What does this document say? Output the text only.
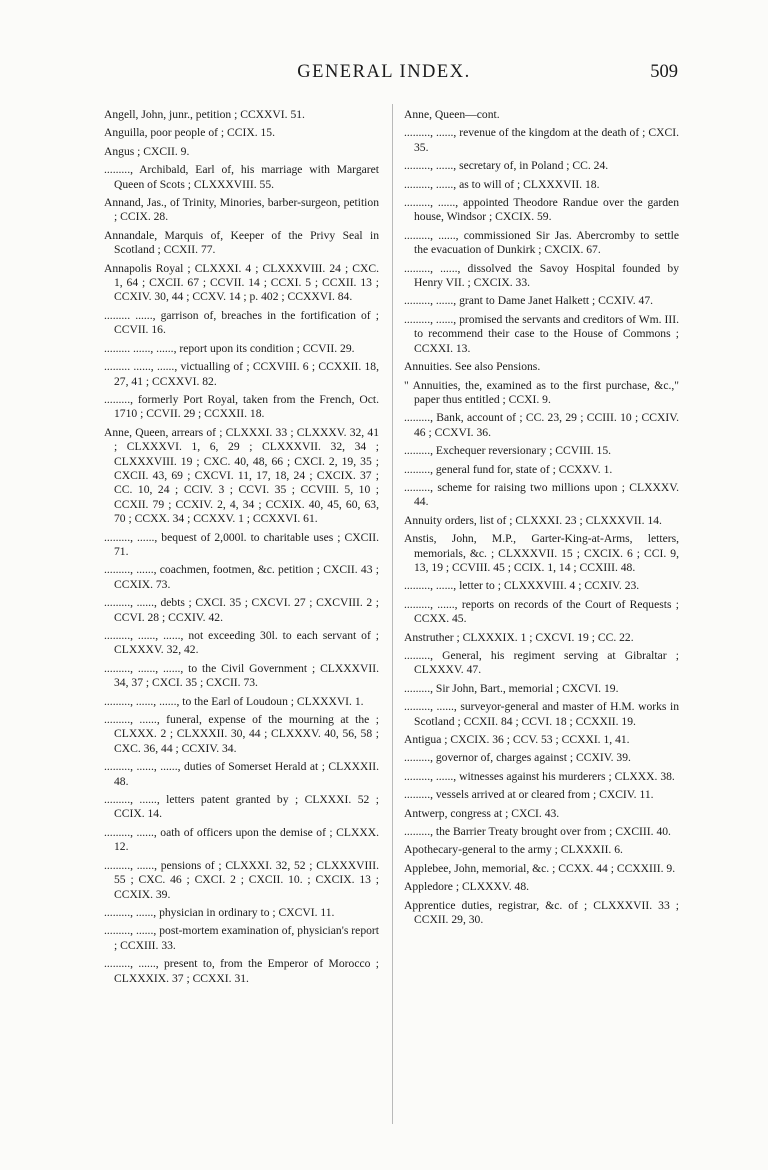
GENERAL INDEX.	509

Angell, John, junr., petition ; CCXXVI. 51.

Anguilla, poor people of ; CCIX. 15.

Angus ; CXCII. 9.

........., Archibald, Earl of, his marriage with Margaret Queen of Scots ; CLXXXVIII. 55.

Annand, Jas., of Trinity, Minories, barber-surgeon, petition ; CCIX. 28.

Annandale, Marquis of, Keeper of the Privy Seal in Scotland ; CCXII. 77.

Annapolis Royal ; CLXXXI. 4 ; CLXXXVIII. 24 ; CXC. 1, 64 ; CXCII. 67 ; CCVII. 14 ; CCXI. 5 ; CCXII. 13 ; CCXIV. 30, 44 ; CCXV. 14 ; p. 402 ; CCXXVI. 84.

......... ......, garrison of, breaches in the fortification of ; CCVII. 16.

......... ......, ......, report upon its condition ; CCVII. 29.

......... ......, ......, victualling of ; CCXVIII. 6 ; CCXXII. 18, 27, 41 ; CCXXVI. 82.

........., formerly Port Royal, taken from the French, Oct. 1710 ; CCVII. 29 ; CCXXII. 18.

Anne, Queen, arrears of ; CLXXXI. 33 ; CLXXXV. 32, 41 ; CLXXXVI. 1, 6, 29 ; CLXXXVII. 32, 34 ; CLXXXVIII. 19 ; CXC. 40, 48, 66 ; CXCI. 2, 19, 35 ; CXCII. 43, 69 ; CXCVI. 11, 17, 18, 24 ; CXCIX. 37 ; CC. 10, 24 ; CCIV. 3 ; CCVI. 35 ; CCVIII. 5, 10 ; CCXII. 79 ; CCXIV. 2, 4, 34 ; CCXIX. 40, 45, 60, 63, 70 ; CCXX. 34 ; CCXXV. 1 ; CCXXVI. 61.

........., ......, bequest of 2,000l. to charitable uses ; CXCII. 71.

........., ......, coachmen, footmen, &c. petition ; CXCII. 43 ; CCXIX. 73.

........., ......, debts ; CXCI. 35 ; CXCVI. 27 ; CXCVIII. 2 ; CCVI. 28 ; CCXIV. 42.

........., ......, ......, not exceeding 30l. to each servant of ; CLXXXV. 32, 42.

........., ......, ......, to the Civil Government ; CLXXXVII. 34, 37 ; CXCI. 35 ; CXCII. 73.

........., ......, ......, to the Earl of Loudoun ; CLXXXVI. 1.

........., ......, funeral, expense of the mourning at the ; CLXXX. 2 ; CLXXXII. 30, 44 ; CLXXXV. 40, 56, 58 ; CXC. 36, 44 ; CCXIV. 34.

........., ......, ......, duties of Somerset Herald at ; CLXXXII. 48.

........., ......, letters patent granted by ; CLXXXI. 52 ; CCIX. 14.

........., ......, oath of officers upon the demise of ; CLXXX. 12.

........., ......, pensions of ; CLXXXI. 32, 52 ; CLXXXVIII. 55 ; CXC. 46 ; CXCI. 2 ; CXCII. 10. ; CXCIX. 13 ; CCXIX. 39.

........., ......, physician in ordinary to ; CXCVI. 11.

........., ......, post-mortem examination of, physician's report ; CCXIII. 33.

........., ......, present to, from the Emperor of Morocco ; CLXXXIX. 37 ; CCXXI. 31.

Anne, Queen—cont.

........., ......, revenue of the kingdom at the death of ; CXCI. 35.

........., ......, secretary of, in Poland ; CC. 24.

........., ......, as to will of ; CLXXXVII. 18.

........., ......, appointed Theodore Randue over the garden house, Windsor ; CXCIX. 59.

........., ......, commissioned Sir Jas. Abercromby to settle the evacuation of Dunkirk ; CXCIX. 67.

........., ......, dissolved the Savoy Hospital founded by Henry VII. ; CXCIX. 33.

........., ......, grant to Dame Janet Halkett ; CCXIV. 47.

........., ......, promised the servants and creditors of Wm. III. to recommend their case to the House of Commons ; CCXXI. 13.

Annuities. See also Pensions.

" Annuities, the, examined as to the first purchase, &c.," paper thus entitled ; CCXI. 9.

........., Bank, account of ; CC. 23, 29 ; CCIII. 10 ; CCXIV. 46 ; CCXVI. 36.

........., Exchequer reversionary ; CCVIII. 15.

........., general fund for, state of ; CCXXV. 1.

........., scheme for raising two millions upon ; CLXXXV. 44.

Annuity orders, list of ; CLXXXI. 23 ; CLXXXVII. 14.

Anstis, John, M.P., Garter-King-at-Arms, letters, memorials, &c. ; CLXXXVII. 15 ; CXCIX. 6 ; CCI. 9, 13, 19 ; CCVIII. 45 ; CCIX. 1, 14 ; CCXIII. 48.

........., ......, letter to ; CLXXXVIII. 4 ; CCXIV. 23.

........., ......, reports on records of the Court of Requests ; CCXX. 45.

Anstruther ; CLXXXIX. 1 ; CXCVI. 19 ; CC. 22.

........., General, his regiment serving at Gibraltar ; CLXXXV. 47.

........., Sir John, Bart., memorial ; CXCVI. 19.

........., ......, surveyor-general and master of H.M. works in Scotland ; CCXII. 84 ; CCVI. 18 ; CCXXII. 19.

Antigua ; CXCIX. 36 ; CCV. 53 ; CCXXI. 1, 41.

........., governor of, charges against ; CCXIV. 39.

........., ......, witnesses against his murderers ; CLXXX. 38.

........., vessels arrived at or cleared from ; CXCIV. 11.

Antwerp, congress at ; CXCI. 43.

........., the Barrier Treaty brought over from ; CXCIII. 40.

Apothecary-general to the army ; CLXXXII. 6.

Applebee, John, memorial, &c. ; CCXX. 44 ; CCXXIII. 9.

Appledore ; CLXXXV. 48.

Apprentice duties, registrar, &c. of ; CLXXXVII. 33 ; CCXII. 29, 30.
